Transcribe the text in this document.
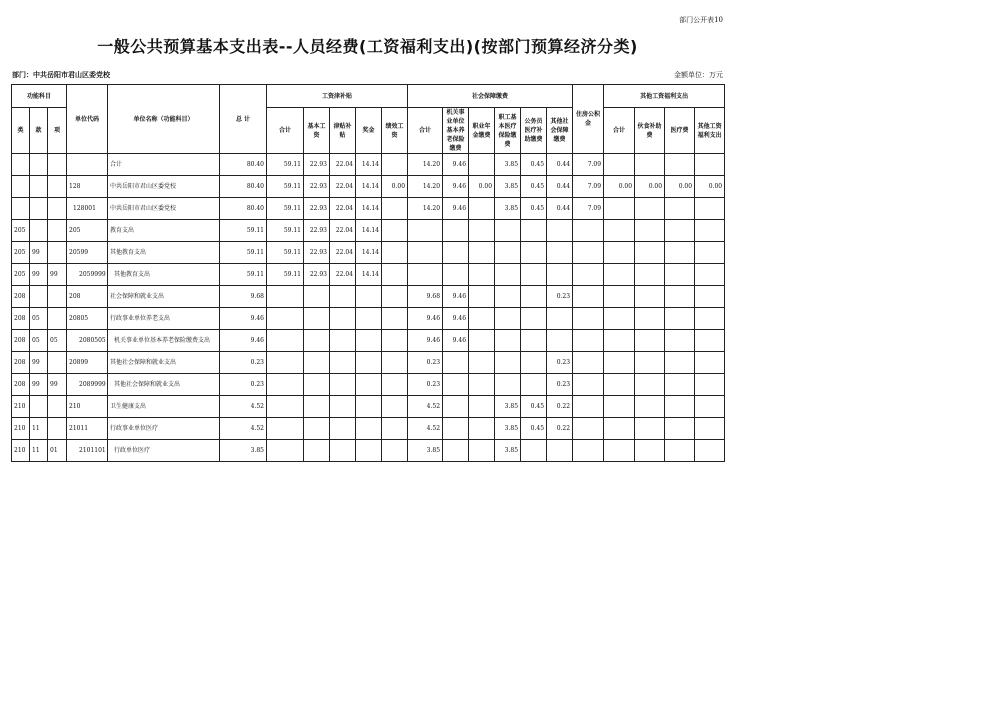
部门公开表10
一般公共预算基本支出表--人员经费(工资福利支出)(按部门预算经济分类)
部门：中共岳阳市君山区委党校	金额单位：万元
功能科目			单位代码	单位名称（功能科目）	总 计	工资津补贴					社会保障缴费						住房公积金	其他工资福利支出			
类	款	项				合计	基本工资	津贴补贴	奖金	绩效工资	合计	机关事业单位基本养老保险缴费	职业年金缴费	职工基本医疗保险缴费	公务员医疗补助缴费	其他社会保障缴费		合计	伙食补助费	医疗费	其他工资福利支出
				合计	80.40	59.11	22.93	22.04	14.14		14.20	9.46		3.85	0.45	0.44	7.09				
			128	中共岳阳市君山区委党校	80.40	59.11	22.93	22.04	14.14	0.00	14.20	9.46	0.00	3.85	0.45	0.44	7.09	0.00	0.00	0.00	0.00
			128001	中共岳阳市君山区委党校	80.40	59.11	22.93	22.04	14.14		14.20	9.46		3.85	0.45	0.44	7.09				
205			205	教育支出	59.11	59.11	22.93	22.04	14.14												
205	99		20599	其他教育支出	59.11	59.11	22.93	22.04	14.14												
205	99	99	2059999	其他教育支出	59.11	59.11	22.93	22.04	14.14												
208			208	社会保障和就业支出	9.68						9.68	9.46				0.23					
208	05		20805	行政事业单位养老支出	9.46						9.46	9.46									
208	05	05	2080505	机关事业单位基本养老保险缴费支出	9.46						9.46	9.46									
208	99		20899	其他社会保障和就业支出	0.23						0.23					0.23					
208	99	99	2089999	其他社会保障和就业支出	0.23						0.23					0.23					
210			210	卫生健康支出	4.52						4.52			3.85	0.45	0.22					
210	11		21011	行政事业单位医疗	4.52						4.52			3.85	0.45	0.22					
210	11	01	2101101	行政单位医疗	3.85						3.85			3.85							
